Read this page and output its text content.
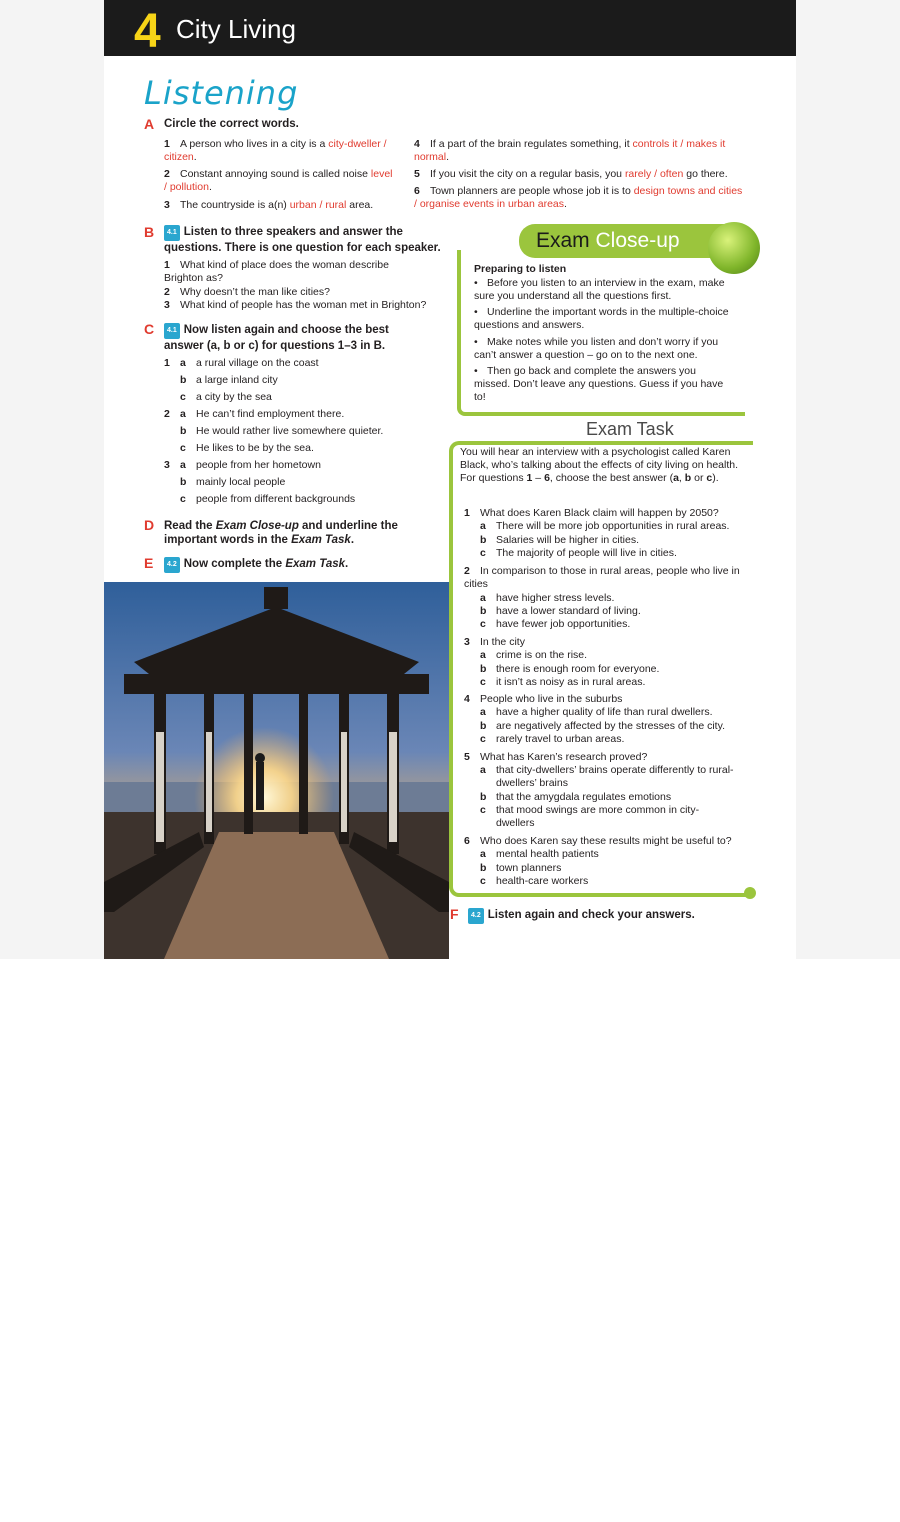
4 City Living
Listening
A Circle the correct words.
1 A person who lives in a city is a city-dweller / citizen.
2 Constant annoying sound is called noise level / pollution.
3 The countryside is a(n) urban / rural area.
4 If a part of the brain regulates something, it controls it / makes it normal.
5 If you visit the city on a regular basis, you rarely / often go there.
6 Town planners are people whose job it is to design towns and cities / organise events in urban areas.
B	4.1 Listen to three speakers and answer the questions. There is one question for each speaker.
1 What kind of place does the woman describe Brighton as?
2 Why doesn’t the man like cities?
3 What kind of people has the woman met in Brighton?
C	4.1 Now listen again and choose the best answer (a, b or c) for questions 1–3 in B.
1 a a rural village on the coast
b a large inland city
c a city by the sea
2 a He can’t find employment there.
b He would rather live somewhere quieter.
c He likes to be by the sea.
3 a people from her hometown
b mainly local people
c people from different backgrounds
D Read the Exam Close-up and underline the important words in the Exam Task.
E	4.2 Now complete the Exam Task.
48
Exam Close-up
Preparing to listen
• Before you listen to an interview in the exam, make sure you understand all the questions first.
• Underline the important words in the multiple-choice questions and answers.
• Make notes while you listen and don’t worry if you can’t answer a question – go on to the next one.
• Then go back and complete the answers you missed. Don’t leave any questions. Guess if you have to!
Exam Task
You will hear an interview with a psychologist called Karen Black, who’s talking about the effects of city living on health. For questions 1 – 6, choose the best answer (a, b or c).
1 What does Karen Black claim will happen by 2050?
a There will be more job opportunities in rural areas.
b Salaries will be higher in cities.
c The majority of people will live in cities.
2 In comparison to those in rural areas, people who live in cities
a have higher stress levels.
b have a lower standard of living.
c have fewer job opportunities.
3 In the city
a crime is on the rise.
b there is enough room for everyone.
c it isn’t as noisy as in rural areas.
4 People who live in the suburbs
a have a higher quality of life than rural dwellers.
b are negatively affected by the stresses of the city.
c rarely travel to urban areas.
5 What has Karen’s research proved?
a that city-dwellers’ brains operate differently to rural-dwellers’ brains
b that the amygdala regulates emotions
c that mood swings are more common in city-dwellers
6 Who does Karen say these results might be useful to?
a mental health patients
b town planners
c health-care workers
F	4.2 Listen again and check your answers.
